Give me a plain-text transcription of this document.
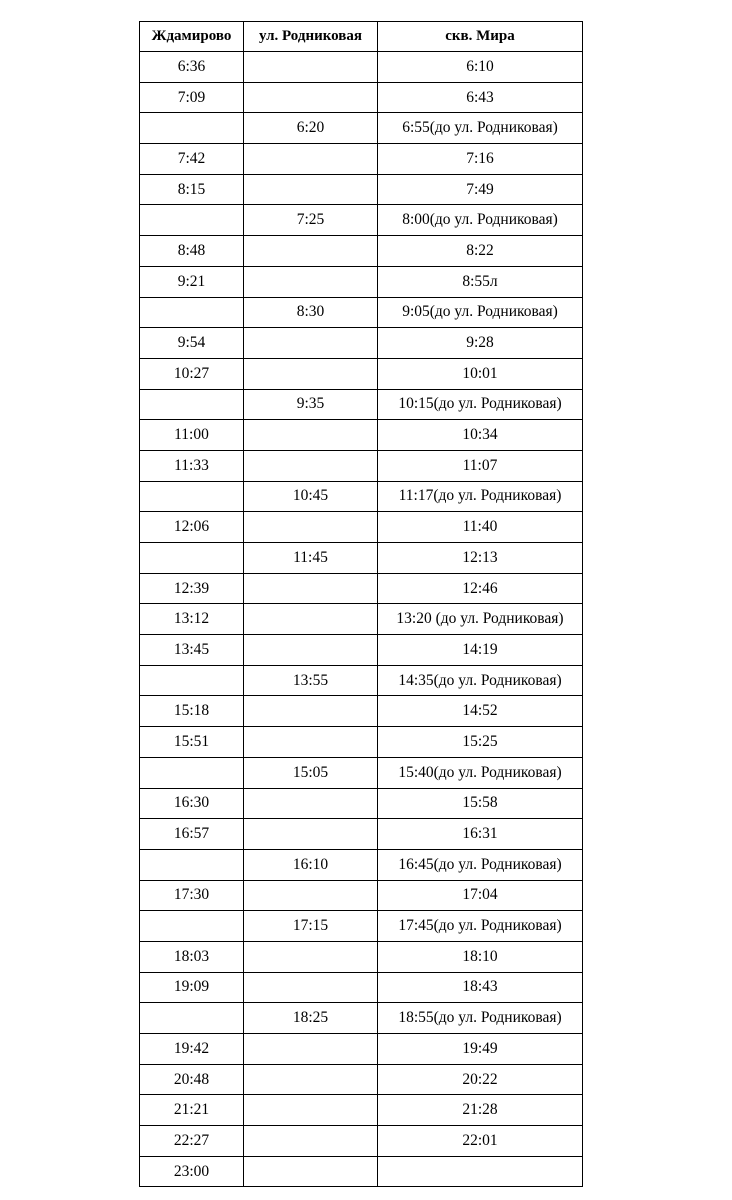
Ждамирово	ул. Родниковая	скв. Мира
6:36		6:10
7:09		6:43
	6:20	6:55(до ул. Родниковая)
7:42		7:16
8:15		7:49
	7:25	8:00(до ул. Родниковая)
8:48		8:22
9:21		8:55л
	8:30	9:05(до ул. Родниковая)
9:54		9:28
10:27		10:01
	9:35	10:15(до ул. Родниковая)
11:00		10:34
11:33		11:07
	10:45	11:17(до ул. Родниковая)
12:06		11:40
	11:45	12:13
12:39		12:46
13:12		13:20 (до ул. Родниковая)
13:45		14:19
	13:55	14:35(до ул. Родниковая)
15:18		14:52
15:51		15:25
	15:05	15:40(до ул. Родниковая)
16:30		15:58
16:57		16:31
	16:10	16:45(до ул. Родниковая)
17:30		17:04
	17:15	17:45(до ул. Родниковая)
18:03		18:10
19:09		18:43
	18:25	18:55(до ул. Родниковая)
19:42		19:49
20:48		20:22
21:21		21:28
22:27		22:01
23:00		
